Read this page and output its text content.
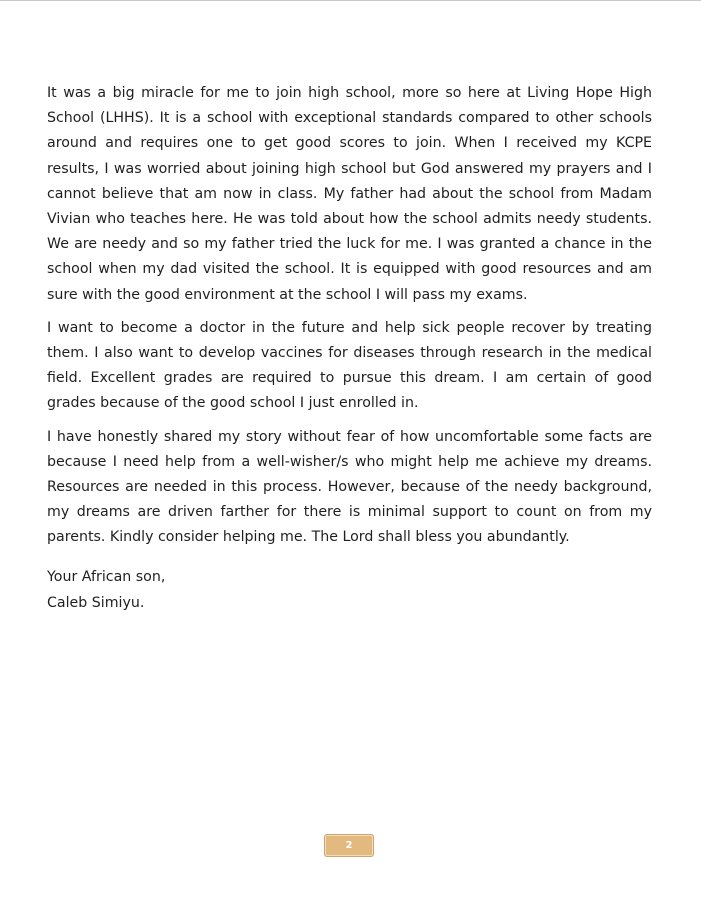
It was a big miracle for me to join high school, more so here at Living Hope High School (LHHS). It is a school with exceptional standards compared to other schools around and requires one to get good scores to join. When I received my KCPE results, I was worried about joining high school but God answered my prayers and I cannot believe that am now in class. My father had about the school from Madam Vivian who teaches here. He was told about how the school admits needy students. We are needy and so my father tried the luck for me. I was granted a chance in the school when my dad visited the school. It is equipped with good resources and am sure with the good environment at the school I will pass my exams.

I want to become a doctor in the future and help sick people recover by treating them. I also want to develop vaccines for diseases through research in the medical field. Excellent grades are required to pursue this dream. I am certain of good grades because of the good school I just enrolled in.

I have honestly shared my story without fear of how uncomfortable some facts are because I need help from a well-wisher/s who might help me achieve my dreams. Resources are needed in this process. However, because of the needy background, my dreams are driven farther for there is minimal support to count on from my parents. Kindly consider helping me. The Lord shall bless you abundantly.

Your African son,

Caleb Simiyu.

2
